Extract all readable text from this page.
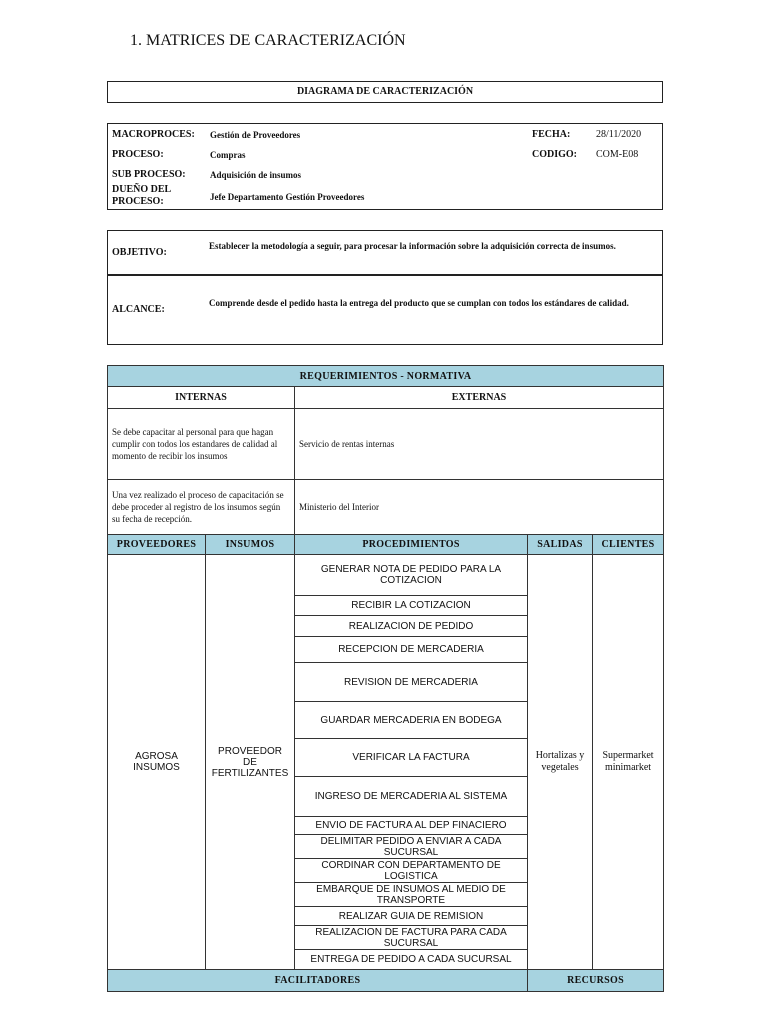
1. MATRICES DE CARACTERIZACIÓN
DIAGRAMA DE CARACTERIZACIÓN
MACROPROCES: Gestión de Proveedores	FECHA:	28/11/2020
PROCESO:	Compras	CODIGO: COM-E08
SUB PROCESO:	Adquisición de insumos
DUEÑO DEL PROCESO:	Jefe Departamento Gestión Proveedores
OBJETIVO:
Establecer la metodología a seguir, para procesar la información sobre la adquisición correcta de insumos.
ALCANCE:
Comprende desde el pedido hasta la entrega del producto que se cumplan con todos los estándares de calidad.
REQUERIMIENTOS - NORMATIVA				
INTERNAS		EXTERNAS		
Se debe capacitar al personal para que hagan cumplir con todos los estandares de calidad al momento de recibir los insumos		Servicio de rentas internas		
Una vez realizado el proceso de capacitación se debe proceder al registro de los insumos según su fecha de recepción.		Ministerio del Interior		
PROVEEDORES	INSUMOS	PROCEDIMIENTOS	SALIDAS	CLIENTES
AGROSA INSUMOS	PROVEEDOR DE FERTILIZANTES	GENERAR NOTA DE PEDIDO PARA LA COTIZACION	Hortalizas y vegetales	Supermarket minimarket
		RECIBIR LA COTIZACION		
		REALIZACION DE PEDIDO		
		RECEPCION DE MERCADERIA		
		REVISION DE MERCADERIA		
		GUARDAR MERCADERIA EN BODEGA		
		VERIFICAR LA FACTURA		
		INGRESO DE MERCADERIA AL SISTEMA		
		ENVIO DE FACTURA AL DEP FINACIERO		
		DELIMITAR PEDIDO A ENVIAR A CADA SUCURSAL		
		CORDINAR CON DEPARTAMENTO DE LOGISTICA		
		EMBARQUE DE INSUMOS AL MEDIO DE TRANSPORTE		
		REALIZAR GUIA DE REMISION		
		REALIZACION DE FACTURA PARA CADA SUCURSAL		
		ENTREGA DE PEDIDO A CADA SUCURSAL		
FACILITADORES			RECURSOS	
